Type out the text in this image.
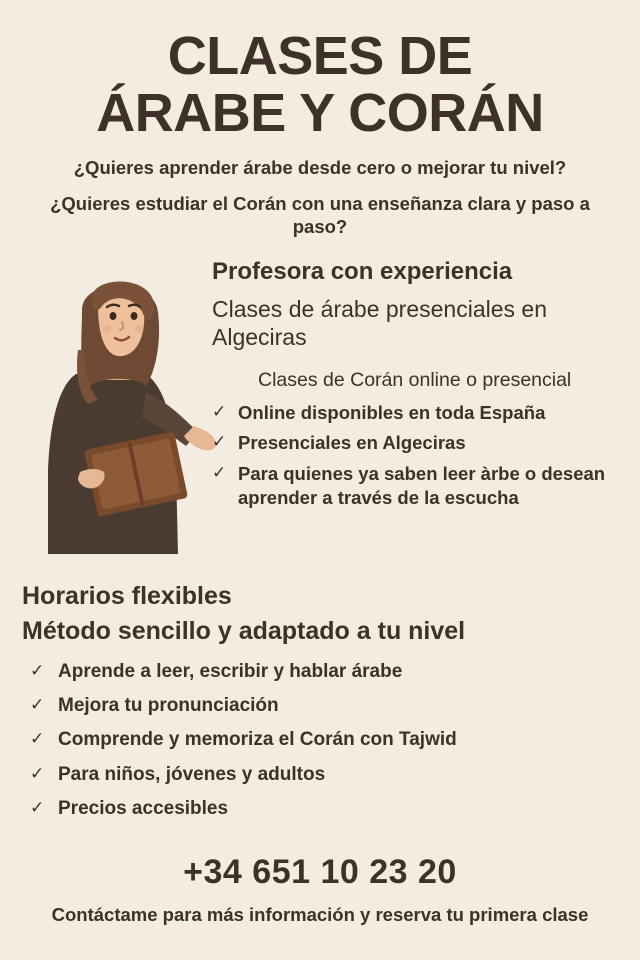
CLASES DE
ÁRABE Y CORÁN

¿Quieres aprender árabe desde cero o mejorar tu nivel?

¿Quieres estudiar el Corán con una enseñanza clara y paso a paso?

Profesora con experiencia
Clases de árabe presenciales en Algeciras
Clases de Corán online o presencial
✓ Online disponibles en toda España
✓ Presenciales en Algeciras
✓ Para quienes ya saben leer àrbe o desean aprender a través de la escucha
Horarios flexibles
Método sencillo y adaptado a tu nivel
✓ Aprende a leer, escribir y hablar árabe
✓ Mejora tu pronunciación
✓ Comprende y memoriza el Corán con Tajwid
✓ Para niños, jóvenes y adultos
✓ Precios accesibles
+34 651 10 23 20
Contáctame para más información y reserva tu primera clase
